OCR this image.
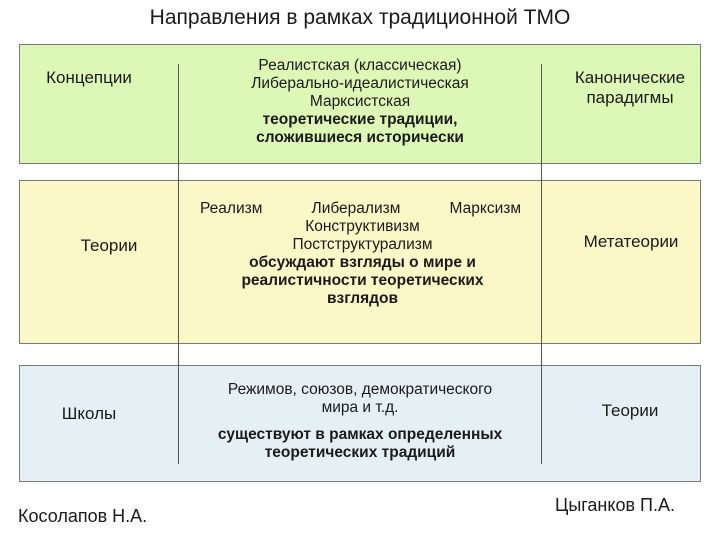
Направления в рамках традиционной ТМО
Концепции
Реалистская (классическая)
Либерально-идеалистическая
Марксистская
теоретические традиции,
сложившиеся исторически
Канонические
парадигмы
Теории
Реализм	Либерализм	Марксизм
Конструктивизм
Постструктурализм
обсуждают взгляды о мире и
реалистичности теоретических
взглядов
Метатеории
Школы
Режимов, союзов, демократического
мира и т.д.
существуют в рамках определенных
теоретических традиций
Теории
Косолапов Н.А.
Цыганков П.А.
